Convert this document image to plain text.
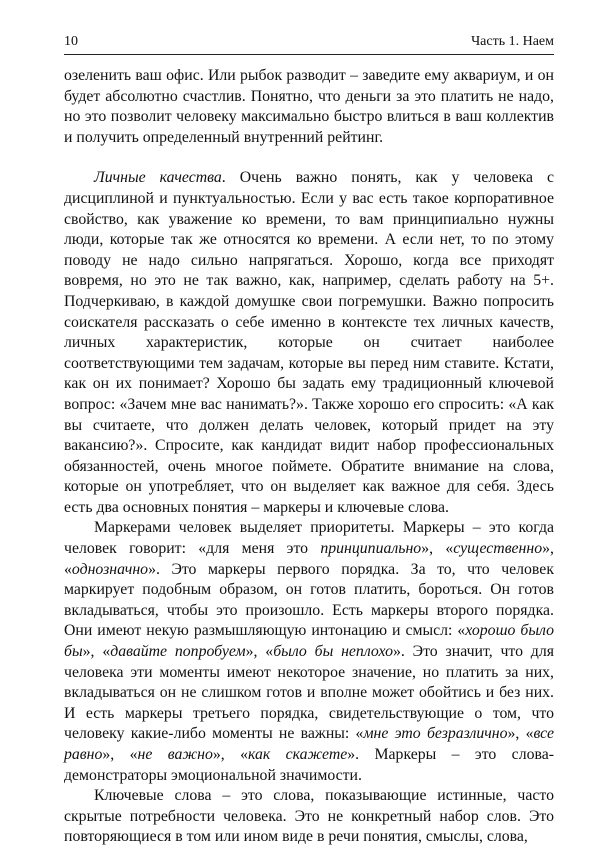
10	Часть 1. Наем

озеленить ваш офис. Или рыбок разводит – заведите ему аквариум, и он будет абсолютно счастлив. Понятно, что деньги за это платить не надо, но это позволит человеку максимально быстро влиться в ваш коллектив и получить определенный внутренний рейтинг.

Личные качества. Очень важно понять, как у человека с дисциплиной и пунктуальностью. Если у вас есть такое корпоративное свойство, как уважение ко времени, то вам принципиально нужны люди, которые так же относятся ко времени. А если нет, то по этому поводу не надо сильно напрягаться. Хорошо, когда все приходят вовремя, но это не так важно, как, например, сделать работу на 5+. Подчеркиваю, в каждой домушке свои погремушки. Важно попросить соискателя рассказать о себе именно в контексте тех личных качеств, личных характеристик, которые он считает наиболее соответствующими тем задачам, которые вы перед ним ставите. Кстати, как он их понимает? Хорошо бы задать ему традиционный ключевой вопрос: «Зачем мне вас нанимать?». Также хорошо его спросить: «А как вы считаете, что должен делать человек, который придет на эту вакансию?». Спросите, как кандидат видит набор профессиональных обязанностей, очень многое поймете. Обратите внимание на слова, которые он употребляет, что он выделяет как важное для себя. Здесь есть два основных понятия – маркеры и ключевые слова.

Маркерами человек выделяет приоритеты. Маркеры – это когда человек говорит: «для меня это принципиально», «существенно», «однозначно». Это маркеры первого порядка. За то, что человек маркирует подобным образом, он готов платить, бороться. Он готов вкладываться, чтобы это произошло. Есть маркеры второго порядка. Они имеют некую размышляющую интонацию и смысл: «хорошо было бы», «давайте попробуем», «было бы неплохо». Это значит, что для человека эти моменты имеют некоторое значение, но платить за них, вкладываться он не слишком готов и вполне может обойтись и без них. И есть маркеры третьего порядка, свидетельствующие о том, что человеку какие-либо моменты не важны: «мне это безразлично», «все равно», «не важно», «как скажете». Маркеры – это слова-демонстраторы эмоциональной значимости.

Ключевые слова – это слова, показывающие истинные, часто скрытые потребности человека. Это не конкретный набор слов. Это повторяющиеся в том или ином виде в речи понятия, смыслы, слова,
